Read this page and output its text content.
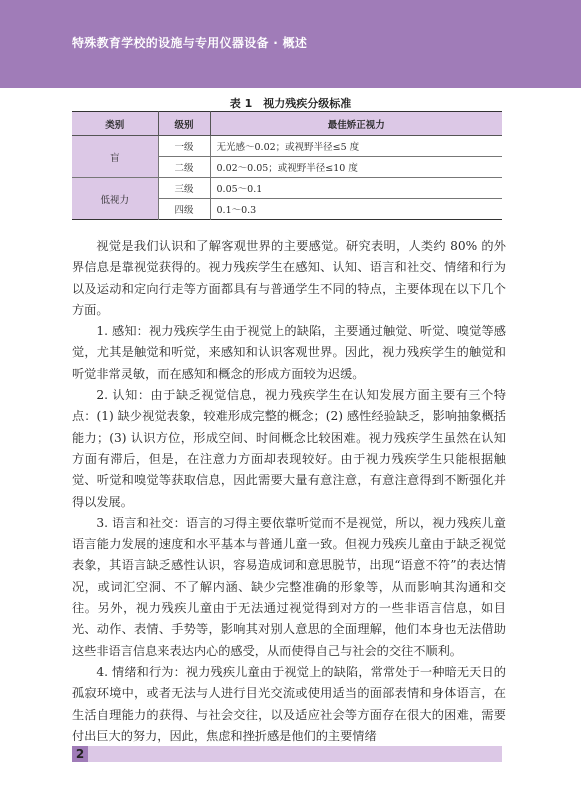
特殊教育学校的设施与专用仪器设备 · 概述
表 1　视力残疾分级标准
类别	级别	最佳矫正视力
盲	一级	无光感～0.02；或视野半径≤5 度
	二级	0.02～0.05；或视野半径≤10 度
低视力	三级	0.05～0.1
	四级	0.1～0.3

视觉是我们认识和了解客观世界的主要感觉。研究表明，人类约 80% 的外界信息是靠视觉获得的。视力残疾学生在感知、认知、语言和社交、情绪和行为以及运动和定向行走等方面都具有与普通学生不同的特点，主要体现在以下几个方面。

1. 感知：视力残疾学生由于视觉上的缺陷，主要通过触觉、听觉、嗅觉等感觉，尤其是触觉和听觉，来感知和认识客观世界。因此，视力残疾学生的触觉和听觉非常灵敏，而在感知和概念的形成方面较为迟缓。

2. 认知：由于缺乏视觉信息，视力残疾学生在认知发展方面主要有三个特点：(1) 缺少视觉表象，较难形成完整的概念；(2) 感性经验缺乏，影响抽象概括能力；(3) 认识方位，形成空间、时间概念比较困难。视力残疾学生虽然在认知方面有滞后，但是，在注意力方面却表现较好。由于视力残疾学生只能根据触觉、听觉和嗅觉等获取信息，因此需要大量有意注意，有意注意得到不断强化并得以发展。

3. 语言和社交：语言的习得主要依靠听觉而不是视觉，所以，视力残疾儿童语言能力发展的速度和水平基本与普通儿童一致。但视力残疾儿童由于缺乏视觉表象，其语言缺乏感性认识，容易造成词和意思脱节，出现“语意不符”的表达情况，或词汇空洞、不了解内涵、缺少完整准确的形象等，从而影响其沟通和交往。另外，视力残疾儿童由于无法通过视觉得到对方的一些非语言信息，如目光、动作、表情、手势等，影响其对别人意思的全面理解，他们本身也无法借助这些非语言信息来表达内心的感受，从而使得自己与社会的交往不顺利。

4. 情绪和行为：视力残疾儿童由于视觉上的缺陷，常常处于一种暗无天日的孤寂环境中，或者无法与人进行目光交流或使用适当的面部表情和身体语言，在生活自理能力的获得、与社会交往，以及适应社会等方面存在很大的困难，需要付出巨大的努力，因此，焦虑和挫折感是他们的主要情绪

2
